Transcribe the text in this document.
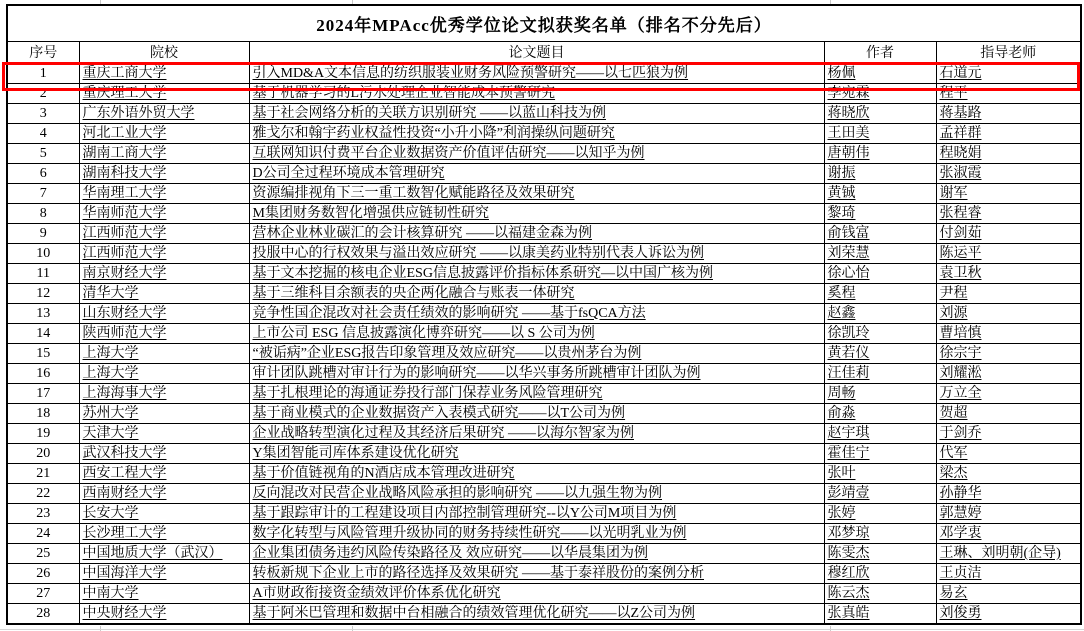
2024年MPAcc优秀学位论文拟获奖名单（排名不分先后）				
序号	院校	论文题目	作者	指导老师
1	重庆工商大学	引入MD&A文本信息的纺织服装业财务风险预警研究——以七匹狼为例	杨佩	石道元
2	重庆理工大学	基于机器学习的L污水处理企业智能成本预警研究	李宛霖	程平
3	广东外语外贸大学	基于社会网络分析的关联方识别研究 ——以蓝山科技为例	蒋晓欣	蒋基路
4	河北工业大学	雅戈尔和翰宇药业权益性投资“小升小降”利润操纵问题研究	王田美	孟祥群
5	湖南工商大学	互联网知识付费平台企业数据资产价值评估研究——以知乎为例	唐朝伟	程晓娟
6	湖南科技大学	D公司全过程环境成本管理研究	谢振	张淑霞
7	华南理工大学	资源编排视角下三一重工数智化赋能路径及效果研究	黄铖	谢军
8	华南师范大学	M集团财务数智化增强供应链韧性研究	黎琦	张程睿
9	江西师范大学	营林企业林业碳汇的会计核算研究 ——以福建金森为例	俞钱富	付剑茹
10	江西师范大学	投服中心的行权效果与溢出效应研究 ——以康美药业特别代表人诉讼为例	刘荣慧	陈运平
11	南京财经大学	基于文本挖掘的核电企业ESG信息披露评价指标体系研究—以中国广核为例	徐心怡	袁卫秋
12	清华大学	基于三维科目余额表的央企两化融合与账表一体研究	奚程	尹程
13	山东财经大学	竞争性国企混改对社会责任绩效的影响研究 ——基于fsQCA方法	赵鑫	刘源
14	陕西师范大学	上市公司 ESG 信息披露演化博弈研究——以 S 公司为例	徐凯玲	曹培慎
15	上海大学	“被诟病”企业ESG报告印象管理及效应研究——以贵州茅台为例	黄若仪	徐宗宇
16	上海大学	审计团队跳槽对审计行为的影响研究——以华兴事务所跳槽审计团队为例	汪佳莉	刘耀淞
17	上海海事大学	基于扎根理论的海通证券投行部门保荐业务风险管理研究	周畅	万立全
18	苏州大学	基于商业模式的企业数据资产入表模式研究——以T公司为例	俞淼	贺超
19	天津大学	企业战略转型演化过程及其经济后果研究 ——以海尔智家为例	赵宇琪	于剑乔
20	武汉科技大学	Y集团智能司库体系建设优化研究	霍佳宁	代军
21	西安工程大学	基于价值链视角的N酒店成本管理改进研究	张叶	梁杰
22	西南财经大学	反向混改对民营企业战略风险承担的影响研究 ——以九强生物为例	彭靖壹	孙静华
23	长安大学	基于跟踪审计的工程建设项目内部控制管理研究--以Y公司M项目为例	张婷	郭慧婷
24	长沙理工大学	数字化转型与风险管理升级协同的财务持续性研究——以光明乳业为例	邓梦琼	邓学衷
25	中国地质大学（武汉）	企业集团债务违约风险传染路径及 效应研究——以华晨集团为例	陈雯杰	王琳、刘明朝(企导)
26	中国海洋大学	转板新规下企业上市的路径选择及效果研究 ——基于泰祥股份的案例分析	穆红欣	王贞洁
27	中南大学	A市财政衔接资金绩效评价体系优化研究	陈云杰	易玄
28	中央财经大学	基于阿米巴管理和数据中台相融合的绩效管理优化研究——以Z公司为例	张真皓	刘俊勇
